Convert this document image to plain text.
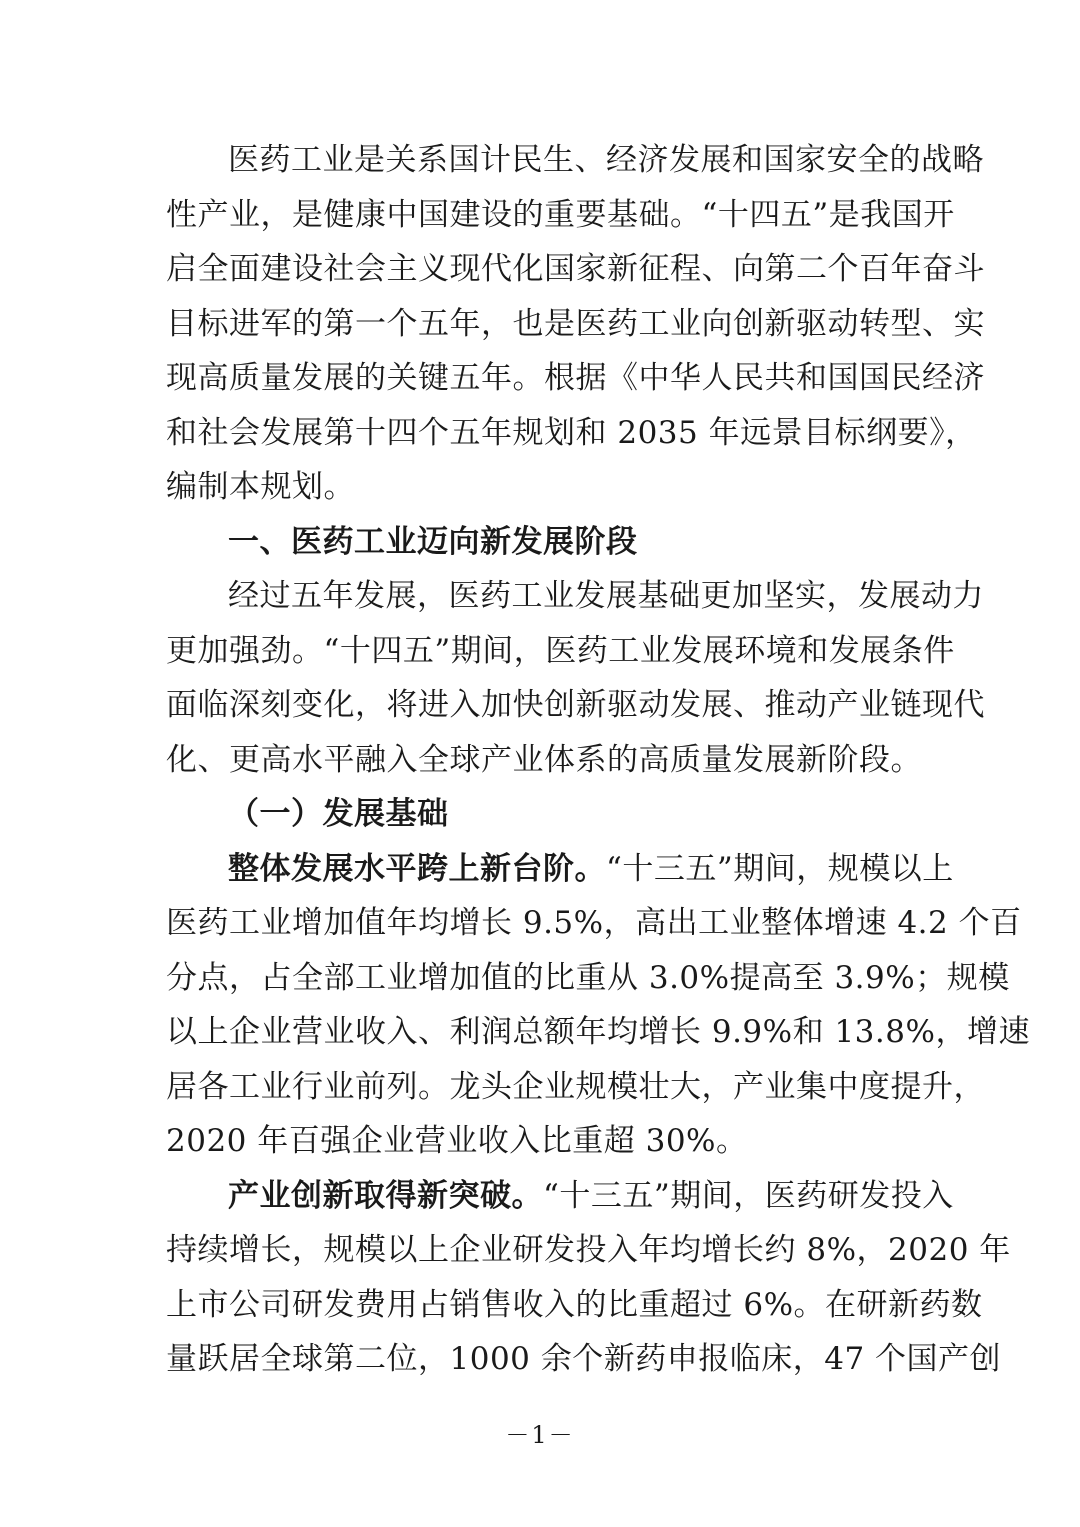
医药工业是关系国计民生、经济发展和国家安全的战略
性产业，是健康中国建设的重要基础。“十四五”是我国开
启全面建设社会主义现代化国家新征程、向第二个百年奋斗
目标进军的第一个五年，也是医药工业向创新驱动转型、实
现高质量发展的关键五年。根据《中华人民共和国国民经济
和社会发展第十四个五年规划和 2035 年远景目标纲要》，
编制本规划。
一、医药工业迈向新发展阶段
经过五年发展，医药工业发展基础更加坚实，发展动力
更加强劲。“十四五”期间，医药工业发展环境和发展条件
面临深刻变化，将进入加快创新驱动发展、推动产业链现代
化、更高水平融入全球产业体系的高质量发展新阶段。
（一）发展基础
整体发展水平跨上新台阶。“十三五”期间，规模以上
医药工业增加值年均增长 9.5%，高出工业整体增速 4.2 个百
分点，占全部工业增加值的比重从 3.0%提高至 3.9%；规模
以上企业营业收入、利润总额年均增长 9.9%和 13.8%，增速
居各工业行业前列。龙头企业规模壮大，产业集中度提升，
2020 年百强企业营业收入比重超 30%。
产业创新取得新突破。“十三五”期间，医药研发投入
持续增长，规模以上企业研发投入年均增长约 8%，2020 年
上市公司研发费用占销售收入的比重超过 6%。在研新药数
量跃居全球第二位，1000 余个新药申报临床，47 个国产创
－1－
